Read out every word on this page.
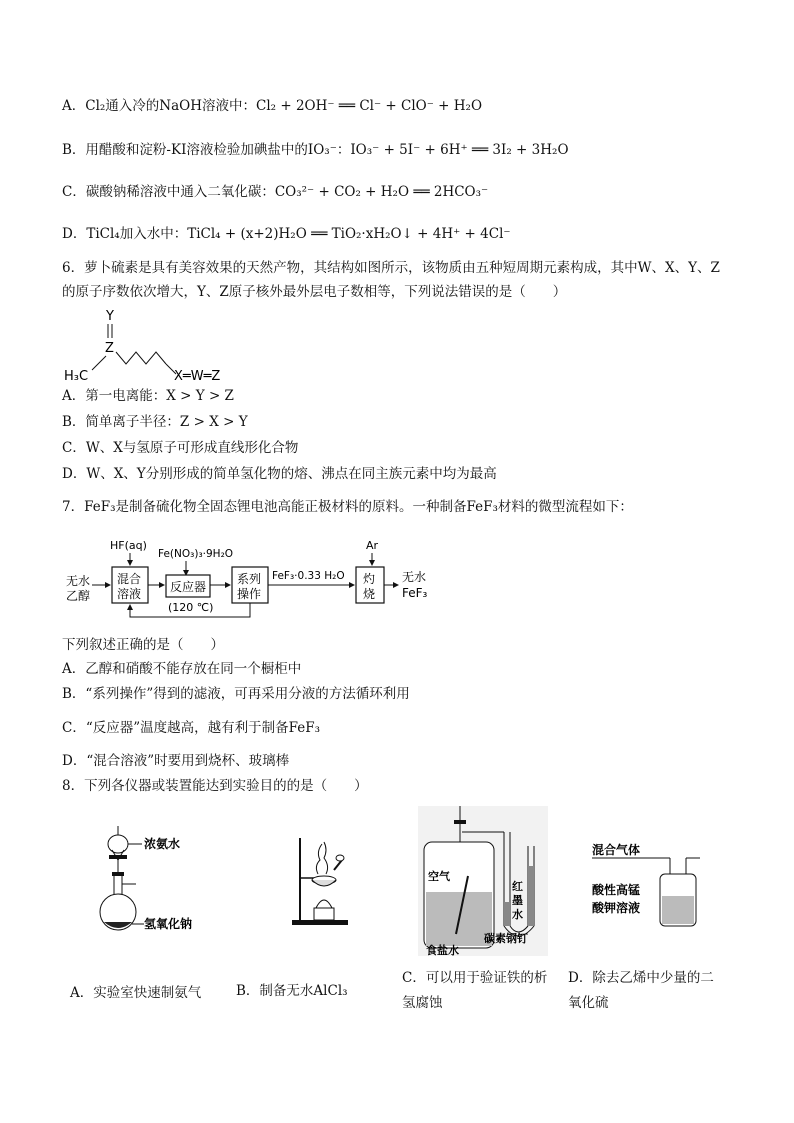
A．Cl₂通入冷的NaOH溶液中：Cl₂ + 2OH⁻ ══ Cl⁻ + ClO⁻ + H₂O
B．用醋酸和淀粉-KI溶液检验加碘盐中的IO₃⁻：IO₃⁻ + 5I⁻ + 6H⁺ ══ 3I₂ + 3H₂O
C．碳酸钠稀溶液中通入二氧化碳：CO₃²⁻ + CO₂ + H₂O ══ 2HCO₃⁻
D．TiCl₄加入水中：TiCl₄ + (x+2)H₂O ══ TiO₂·xH₂O↓ + 4H⁺ + 4Cl⁻
6．萝卜硫素是具有美容效果的天然产物，其结构如图所示，该物质由五种短周期元素构成，其中W、X、Y、Z
的原子序数依次增大，Y、Z原子核外最外层电子数相等，下列说法错误的是（　　）
Y
Z
H₃C	X═W═Z
A．第一电离能：X > Y > Z
B．简单离子半径：Z > X > Y
C．W、X与氢原子可形成直线形化合物
D．W、X、Y分别形成的简单氢化物的熔、沸点在同主族元素中均为最高
7．FeF₃是制备硫化物全固态锂电池高能正极材料的原料。一种制备FeF₃材料的微型流程如下：
无水
乙醇
混合
溶液
HF(aq)
Fe(NO₃)₃·9H₂O
反应器
(120 ℃)
系列
操作
FeF₃·0.33 H₂O
Ar
灼
烧
无水
FeF₃
下列叙述正确的是（　　）
A．乙醇和硝酸不能存放在同一个橱柜中
B．“系列操作”得到的滤液，可再采用分液的方法循环利用
C．“反应器”温度越高，越有利于制备FeF₃
D．“混合溶液”时要用到烧杯、玻璃棒
8．下列各仪器或装置能达到实验目的的是（　　）
浓氨水
氢氧化钠
空气
红
墨
水
碳素钢钉
食盐水
混合气体
酸性高锰
酸钾溶液
A．实验室快速制氨气	B．制备无水AlCl₃
C．可以用于验证铁的析
氢腐蚀
D．除去乙烯中少量的二
氧化硫
